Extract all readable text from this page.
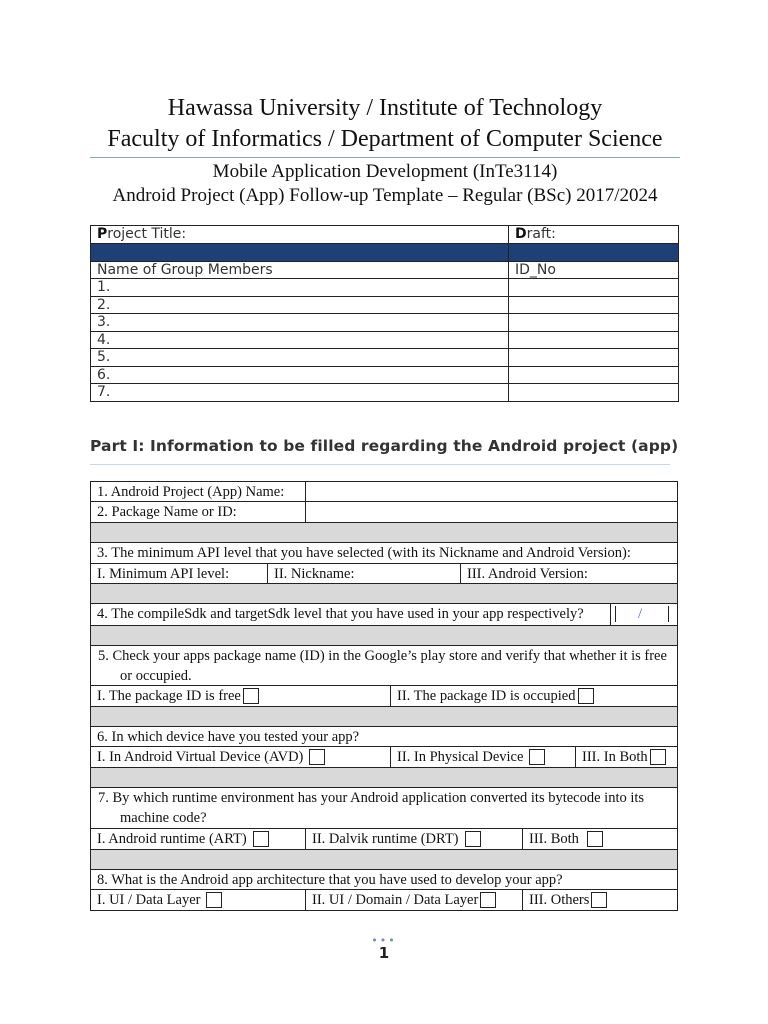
Hawassa University / Institute of Technology
Faculty of Informatics / Department of Computer Science
Mobile Application Development (InTe3114)
Android Project (App) Follow-up Template – Regular (BSc) 2017/2024
Project Title:	Draft:

Name of Group Members	ID_No
1.	
2.	
3.	
4.	
5.	
6.	
7.	
Part I: Information to be filled regarding the Android project (app)
1. Android Project (App) Name:
2. Package Name or ID:
3. The minimum API level that you have selected (with its Nickname and Android Version):
I. Minimum API level:	II. Nickname:	III. Android Version:
4. The compileSdk and targetSdk level that you have used in your app respectively?	/
5. Check your apps package name (ID) in the Google’s play store and verify that whether it is free or occupied.
I. The package ID is free	II. The package ID is occupied
6. In which device have you tested your app?
I. In Android Virtual Device (AVD)	II. In Physical Device	III. In Both
7. By which runtime environment has your Android application converted its bytecode into its machine code?
I. Android runtime (ART)	II. Dalvik runtime (DRT)	III. Both
8. What is the Android app architecture that you have used to develop your app?
I. UI / Data Layer	II. UI / Domain / Data Layer	III. Others
•••
1
